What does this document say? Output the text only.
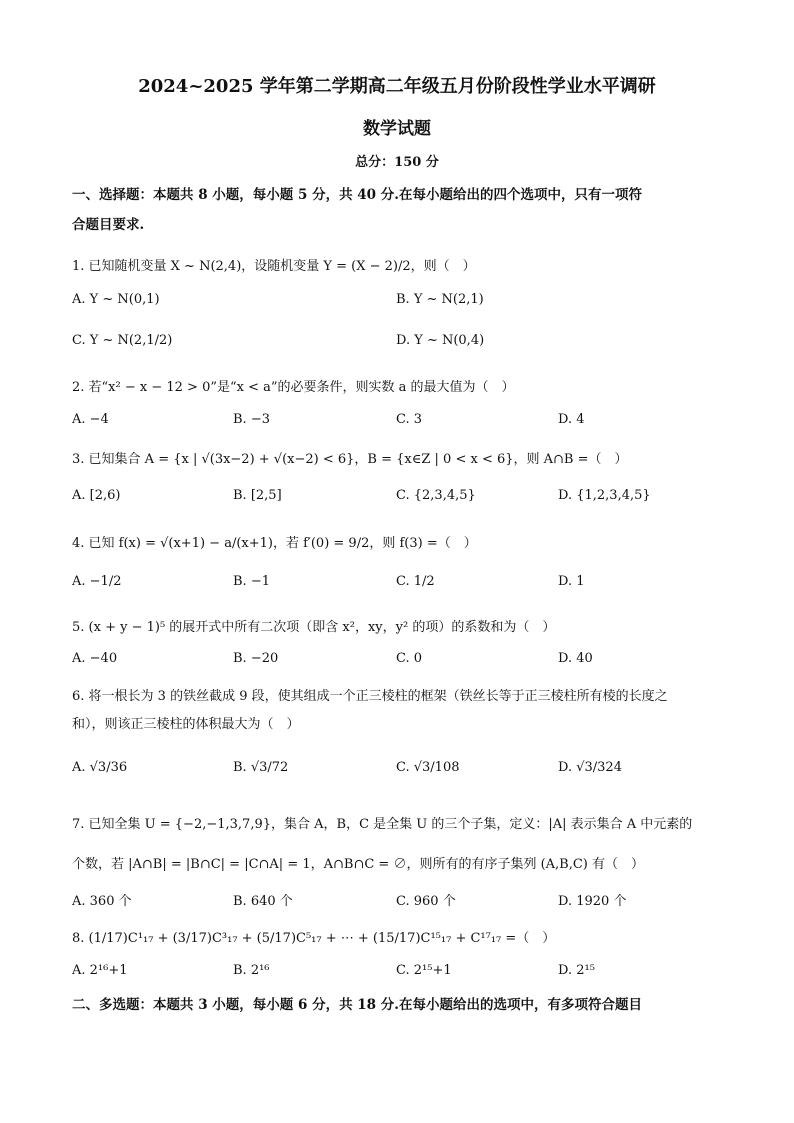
2024~2025 学年第二学期高二年级五月份阶段性学业水平调研
数学试题
总分：150 分
一、选择题：本题共 8 小题，每小题 5 分，共 40 分.在每小题给出的四个选项中，只有一项符
合题目要求.
1. 已知随机变量 X ~ N(2,4)，设随机变量 Y = (X − 2)/2，则（　）
A. Y ~ N(0,1)	B. Y ~ N(2,1)
C. Y ~ N(2,1/2)	D. Y ~ N(0,4)
2. 若“x² − x − 12 > 0”是“x < a”的必要条件，则实数 a 的最大值为（　）
A. −4	B. −3	C. 3	D. 4
3. 已知集合 A = {x | √(3x−2) + √(x−2) < 6}，B = {x∈Z | 0 < x < 6}，则 A∩B =（　）
A. [2,6)	B. [2,5]	C. {2,3,4,5}	D. {1,2,3,4,5}
4. 已知 f(x) = √(x+1) − a/(x+1)，若 f′(0) = 9/2，则 f(3) =（　）
A. −1/2	B. −1	C. 1/2	D. 1
5. (x + y − 1)⁵ 的展开式中所有二次项（即含 x²，xy，y² 的项）的系数和为（　）
A. −40	B. −20	C. 0	D. 40
6. 将一根长为 3 的铁丝截成 9 段，使其组成一个正三棱柱的框架（铁丝长等于正三棱柱所有棱的长度之
和），则该正三棱柱的体积最大为（　）
A. √3/36	B. √3/72	C. √3/108	D. √3/324
7. 已知全集 U = {−2,−1,3,7,9}，集合 A，B，C 是全集 U 的三个子集，定义：|A| 表示集合 A 中元素的
个数，若 |A∩B| = |B∩C| = |C∩A| = 1，A∩B∩C = ∅，则所有的有序子集列 (A,B,C) 有（　）
A. 360 个	B. 640 个	C. 960 个	D. 1920 个
8. (1/17)C¹₁₇ + (3/17)C³₁₇ + (5/17)C⁵₁₇ + ⋯ + (15/17)C¹⁵₁₇ + C¹⁷₁₇ =（　）
A. 2¹⁶+1	B. 2¹⁶	C. 2¹⁵+1	D. 2¹⁵
二、多选题：本题共 3 小题，每小题 6 分，共 18 分.在每小题给出的选项中，有多项符合题目
